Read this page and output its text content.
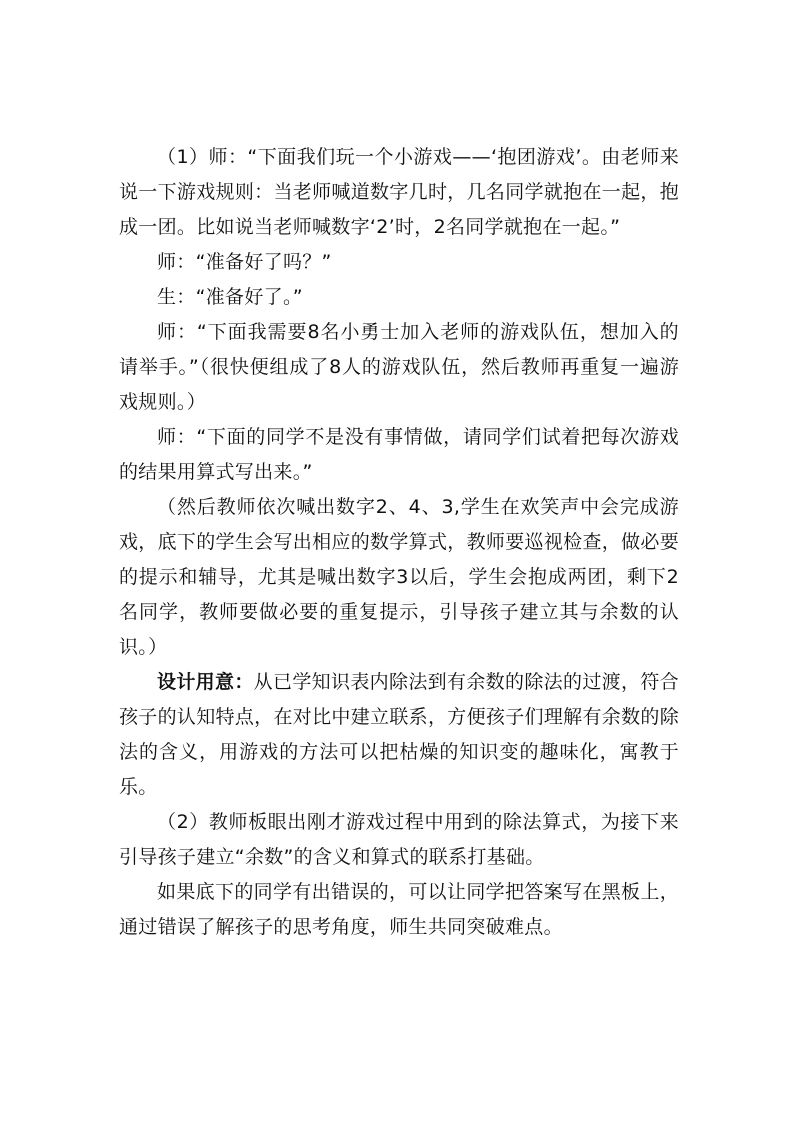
（1）师：“下面我们玩一个小游戏——‘抱团游戏’。由老师来说一下游戏规则：当老师喊道数字几时，几名同学就抱在一起，抱成一团。比如说当老师喊数字‘2’时，2名同学就抱在一起。”

师：“准备好了吗？”

生：“准备好了。”

师：“下面我需要8名小勇士加入老师的游戏队伍，想加入的请举手。”（很快便组成了8人的游戏队伍，然后教师再重复一遍游戏规则。）

师：“下面的同学不是没有事情做，请同学们试着把每次游戏的结果用算式写出来。”

（然后教师依次喊出数字2、4、3,学生在欢笑声中会完成游戏，底下的学生会写出相应的数学算式，教师要巡视检查，做必要的提示和辅导，尤其是喊出数字3以后，学生会抱成两团，剩下2名同学，教师要做必要的重复提示，引导孩子建立其与余数的认识。）

设计用意：从已学知识表内除法到有余数的除法的过渡，符合孩子的认知特点，在对比中建立联系，方便孩子们理解有余数的除法的含义，用游戏的方法可以把枯燥的知识变的趣味化，寓教于乐。

（2）教师板眼出刚才游戏过程中用到的除法算式，为接下来引导孩子建立“余数”的含义和算式的联系打基础。

如果底下的同学有出错误的，可以让同学把答案写在黑板上，通过错误了解孩子的思考角度，师生共同突破难点。
